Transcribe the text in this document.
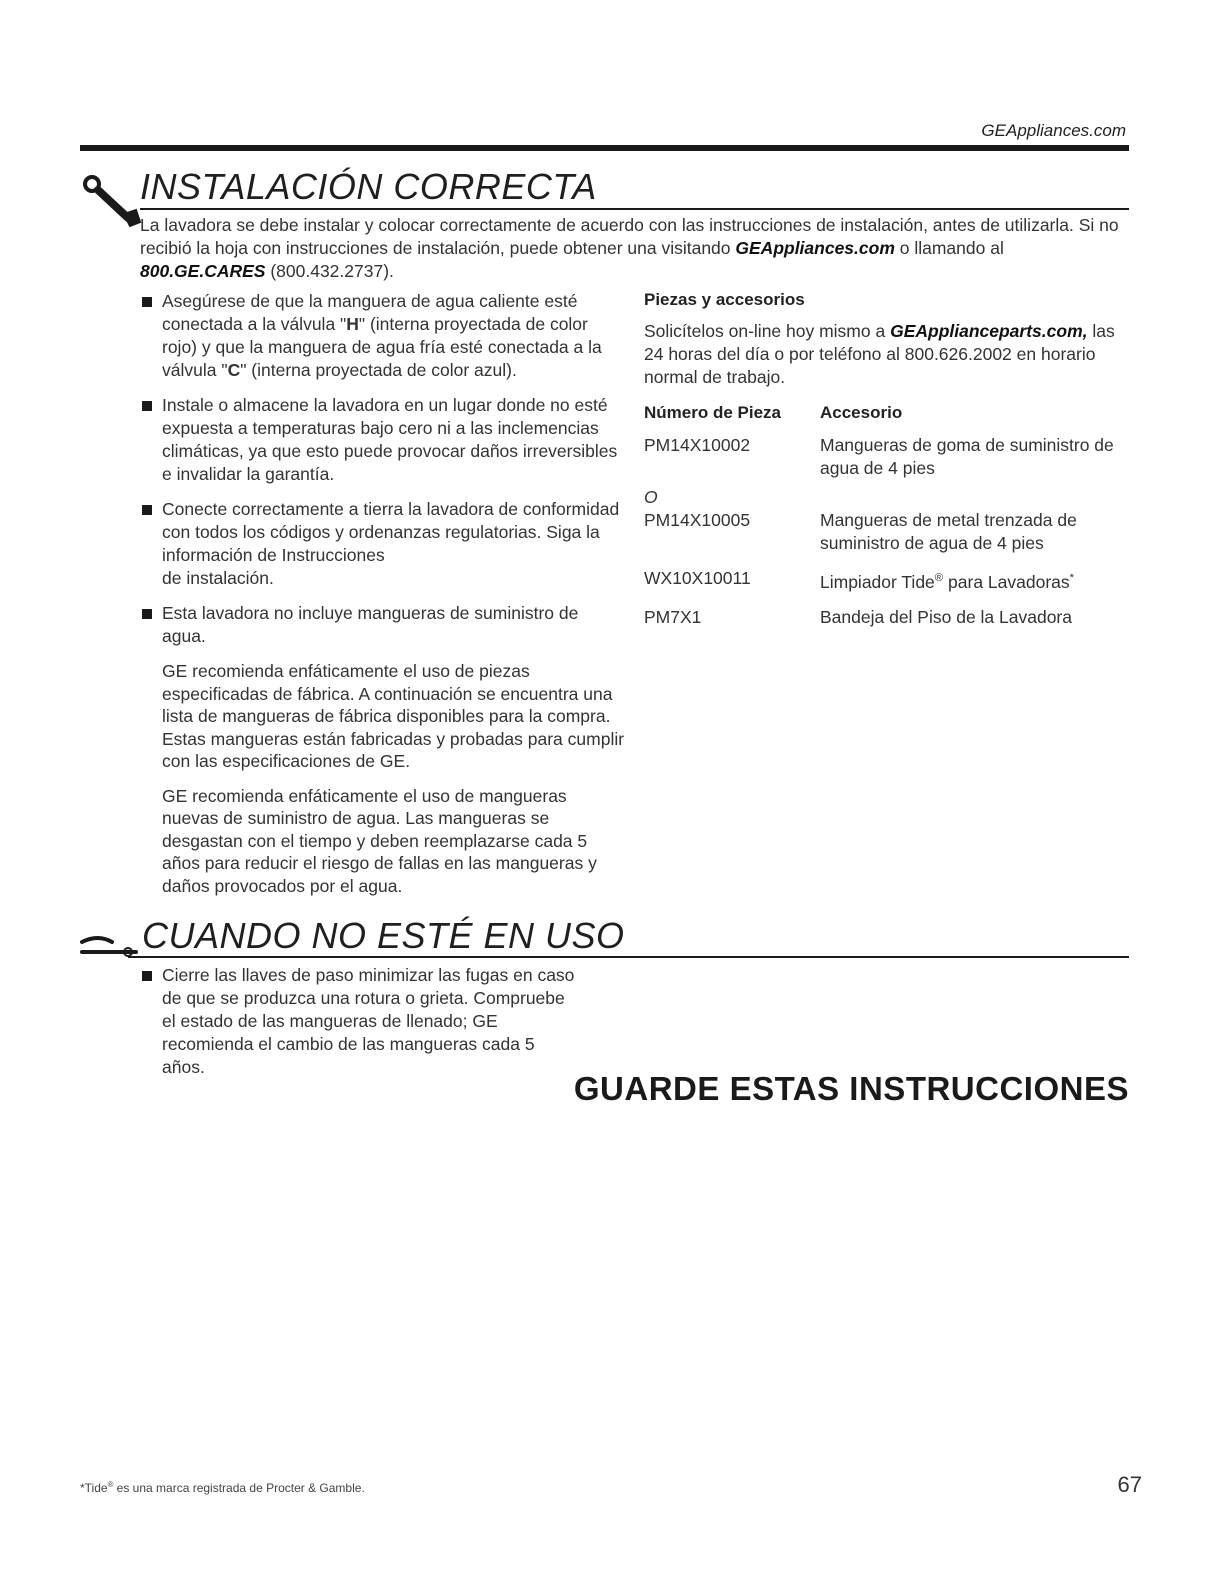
GEAppliances.com
INSTALACIÓN CORRECTA
La lavadora se debe instalar y colocar correctamente de acuerdo con las instrucciones de instalación, antes de utilizarla. Si no recibió la hoja con instrucciones de instalación, puede obtener una visitando GEAppliances.com o llamando al 800.GE.CARES (800.432.2737).
Asegúrese de que la manguera de agua caliente esté conectada a la válvula "H" (interna proyectada de color rojo) y que la manguera de agua fría esté conectada a la válvula "C" (interna proyectada de color azul).
Instale o almacene la lavadora en un lugar donde no esté expuesta a temperaturas bajo cero ni a las inclemencias climáticas, ya que esto puede provocar daños irreversibles e invalidar la garantía.
Conecte correctamente a tierra la lavadora de conformidad con todos los códigos y ordenanzas regulatorias. Siga la información de Instrucciones
de instalación.
Esta lavadora no incluye mangueras de suministro de agua.
GE recomienda enfáticamente el uso de piezas especificadas de fábrica. A continuación se encuentra una lista de mangueras de fábrica disponibles para la compra. Estas mangueras están fabricadas y probadas para cumplir con las especificaciones de GE.
GE recomienda enfáticamente el uso de mangueras nuevas de suministro de agua. Las mangueras se desgastan con el tiempo y deben reemplazarse cada 5 años para reducir el riesgo de fallas en las mangueras y daños provocados por el agua.
Piezas y accesorios
Solicítelos on-line hoy mismo a GEApplianceparts.com, las 24 horas del día o por teléfono al 800.626.2002 en horario normal de trabajo.
Número de Pieza	Accesorio
PM14X10002	Mangueras de goma de suministro de agua de 4 pies
O
PM14X10005	Mangueras de metal trenzada de suministro de agua de 4 pies
WX10X10011	Limpiador Tide® para Lavadoras*
PM7X1	Bandeja del Piso de la Lavadora
CUANDO NO ESTÉ EN USO
Cierre las llaves de paso minimizar las fugas en caso de que se produzca una rotura o grieta. Compruebe el estado de las mangueras de llenado; GE recomienda el cambio de las mangueras cada 5 años.
GUARDE ESTAS INSTRUCCIONES
*Tide® es una marca registrada de Procter & Gamble.	67
